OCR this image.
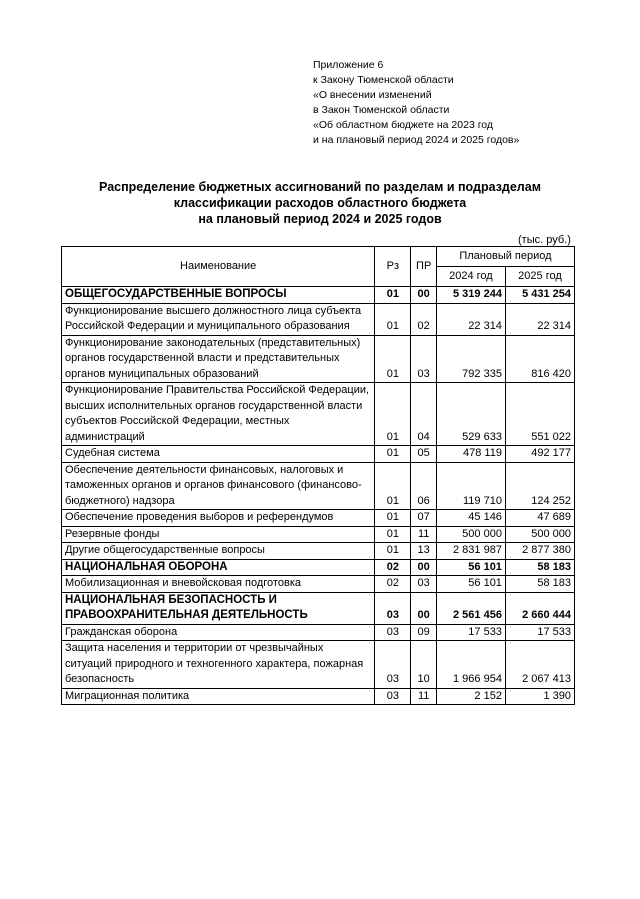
Приложение 6
к Закону Тюменской области
«О внесении изменений
в Закон Тюменской области
«Об областном бюджете на 2023 год
и на плановый период 2024 и 2025 годов»
Распределение бюджетных ассигнований по разделам и подразделам
классификации расходов областного бюджета
на плановый период 2024 и 2025 годов
(тыс. руб.)
Наименование	Рз	ПР	Плановый период	
			2024 год	2025 год
ОБЩЕГОСУДАРСТВЕННЫЕ ВОПРОСЫ	01	00	5 319 244	5 431 254
Функционирование высшего должностного лица субъекта Российской Федерации и муниципального образования	01	02	22 314	22 314
Функционирование законодательных (представительных) органов государственной власти и представительных органов муниципальных образований	01	03	792 335	816 420
Функционирование Правительства Российской Федерации, высших исполнительных органов государственной власти субъектов Российской Федерации, местных администраций	01	04	529 633	551 022
Судебная система	01	05	478 119	492 177
Обеспечение деятельности финансовых, налоговых и таможенных органов и органов финансового (финансово-бюджетного) надзора	01	06	119 710	124 252
Обеспечение проведения выборов и референдумов	01	07	45 146	47 689
Резервные фонды	01	11	500 000	500 000
Другие общегосударственные вопросы	01	13	2 831 987	2 877 380
НАЦИОНАЛЬНАЯ ОБОРОНА	02	00	56 101	58 183
Мобилизационная и вневойсковая подготовка	02	03	56 101	58 183
НАЦИОНАЛЬНАЯ БЕЗОПАСНОСТЬ И ПРАВООХРАНИТЕЛЬНАЯ ДЕЯТЕЛЬНОСТЬ	03	00	2 561 456	2 660 444
Гражданская оборона	03	09	17 533	17 533
Защита населения и территории от чрезвычайных ситуаций природного и техногенного характера, пожарная безопасность	03	10	1 966 954	2 067 413
Миграционная политика	03	11	2 152	1 390
